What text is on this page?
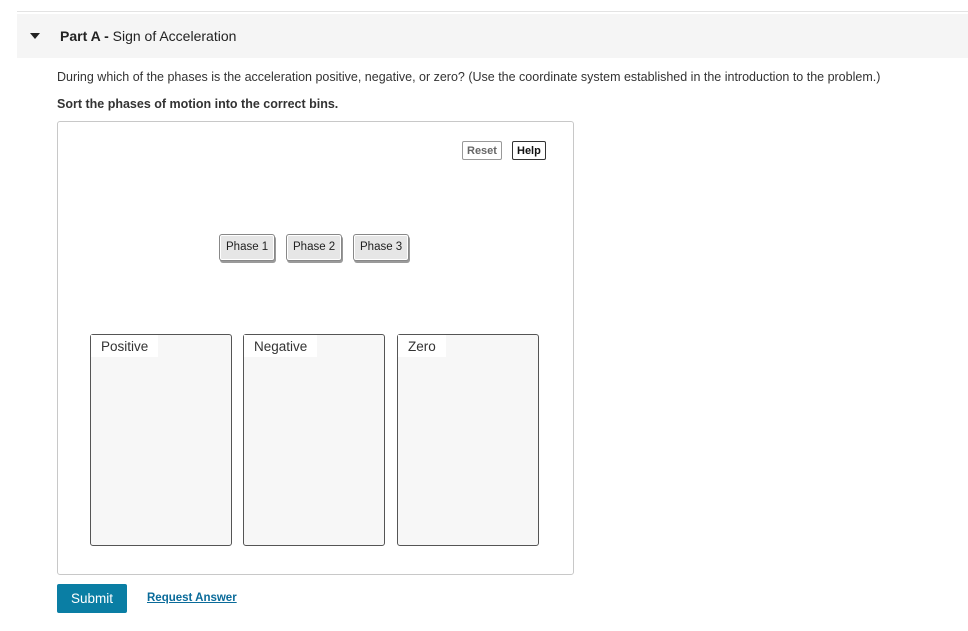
Part A - Sign of Acceleration
During which of the phases is the acceleration positive, negative, or zero? (Use the coordinate system established in the introduction to the problem.)
Sort the phases of motion into the correct bins.
Reset	Help
Phase 1	Phase 2	Phase 3
Positive	Negative	Zero
Submit	Request Answer
